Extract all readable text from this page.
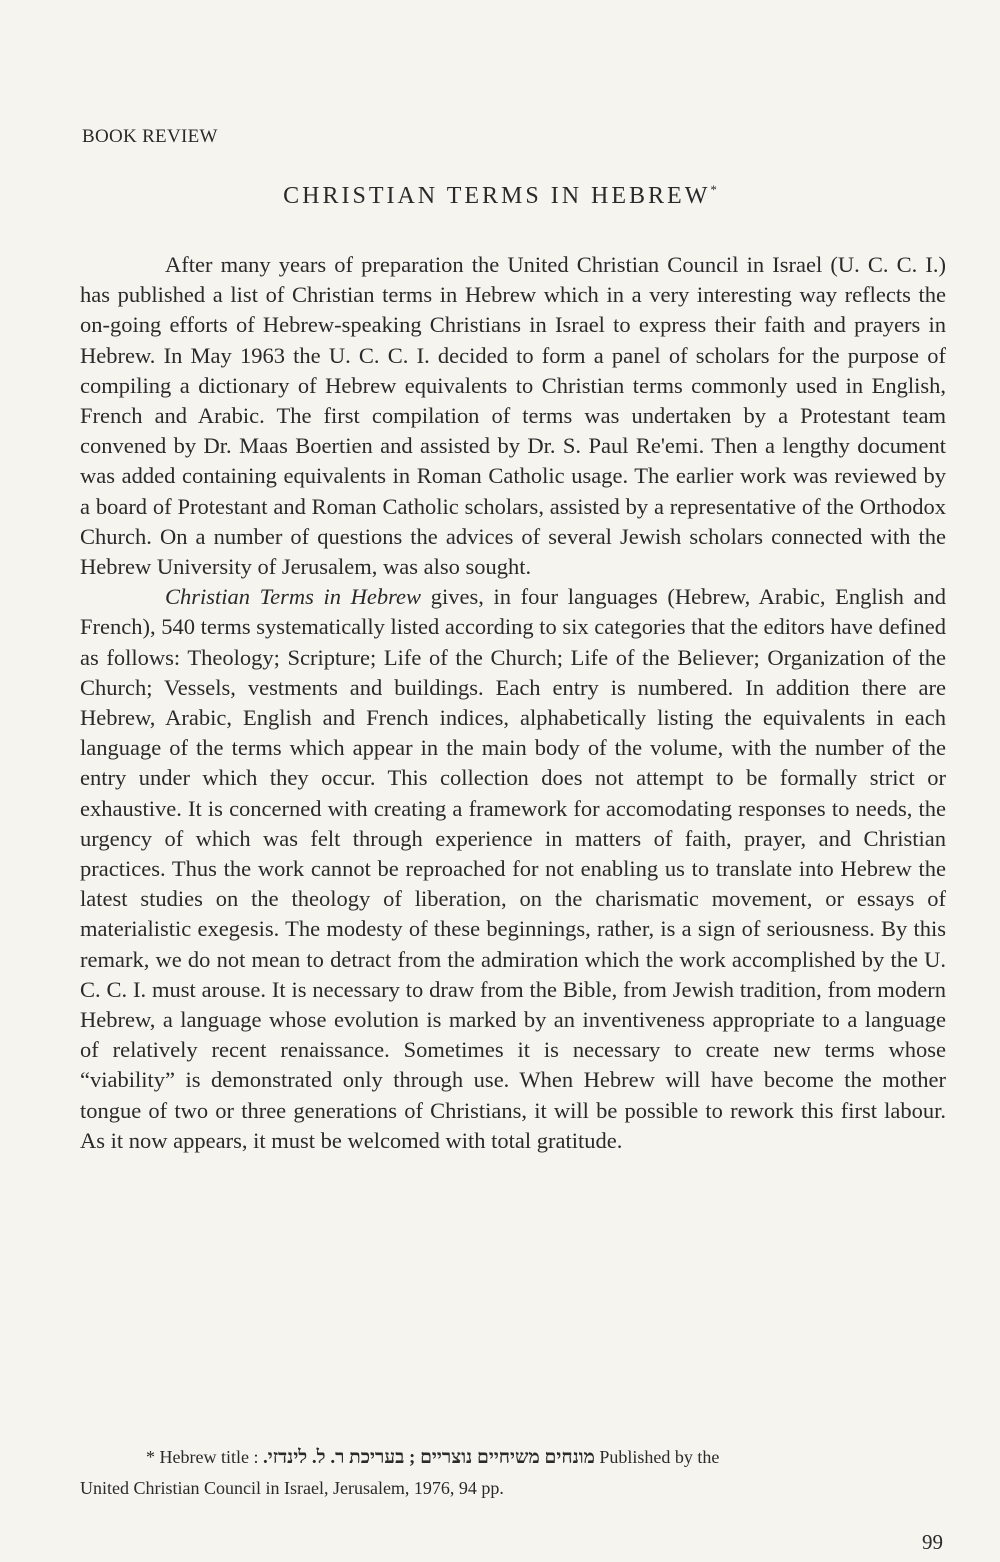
BOOK REVIEW

CHRISTIAN TERMS IN HEBREW*

After many years of preparation the United Christian Council in Israel (U. C. C. I.) has published a list of Christian terms in Hebrew which in a very interesting way reflects the on-going efforts of Hebrew-speaking Christians in Israel to express their faith and prayers in Hebrew. In May 1963 the U. C. C. I. decided to form a panel of scholars for the purpose of compiling a dictionary of Hebrew equivalents to Christian terms commonly used in English, French and Arabic. The first compilation of terms was undertaken by a Protestant team convened by Dr. Maas Boertien and assisted by Dr. S. Paul Re'emi. Then a lengthy document was added containing equivalents in Roman Catholic usage. The earlier work was reviewed by a board of Protestant and Roman Catholic scholars, assisted by a representative of the Orthodox Church. On a number of questions the advices of several Jewish scholars connected with the Hebrew University of Jerusalem, was also sought.

Christian Terms in Hebrew gives, in four languages (Hebrew, Arabic, English and French), 540 terms systematically listed according to six categories that the editors have defined as follows: Theology; Scripture; Life of the Church; Life of the Believer; Organization of the Church; Vessels, vestments and buildings. Each entry is numbered. In addition there are Hebrew, Arabic, English and French indices, alphabetically listing the equivalents in each language of the terms which appear in the main body of the volume, with the number of the entry under which they occur. This collection does not attempt to be formally strict or exhaustive. It is concerned with creating a framework for accomodating responses to needs, the urgency of which was felt through experience in matters of faith, prayer, and Christian practices. Thus the work cannot be reproached for not enabling us to translate into Hebrew the latest studies on the theology of liberation, on the charismatic movement, or essays of materialistic exegesis. The modesty of these beginnings, rather, is a sign of seriousness. By this remark, we do not mean to detract from the admiration which the work accomplished by the U. C. C. I. must arouse. It is necessary to draw from the Bible, from Jewish tradition, from modern Hebrew, a language whose evolution is marked by an inventiveness appropriate to a language of relatively recent renaissance. Sometimes it is necessary to create new terms whose “viability” is demonstrated only through use. When Hebrew will have become the mother tongue of two or three generations of Christians, it will be possible to rework this first labour. As it now appears, it must be welcomed with total gratitude.

* Hebrew title : מונחים משיחיים נוצריים ; בעריכת ר. ל. לינדזי. Published by the
United Christian Council in Israel, Jerusalem, 1976, 94 pp.

99
